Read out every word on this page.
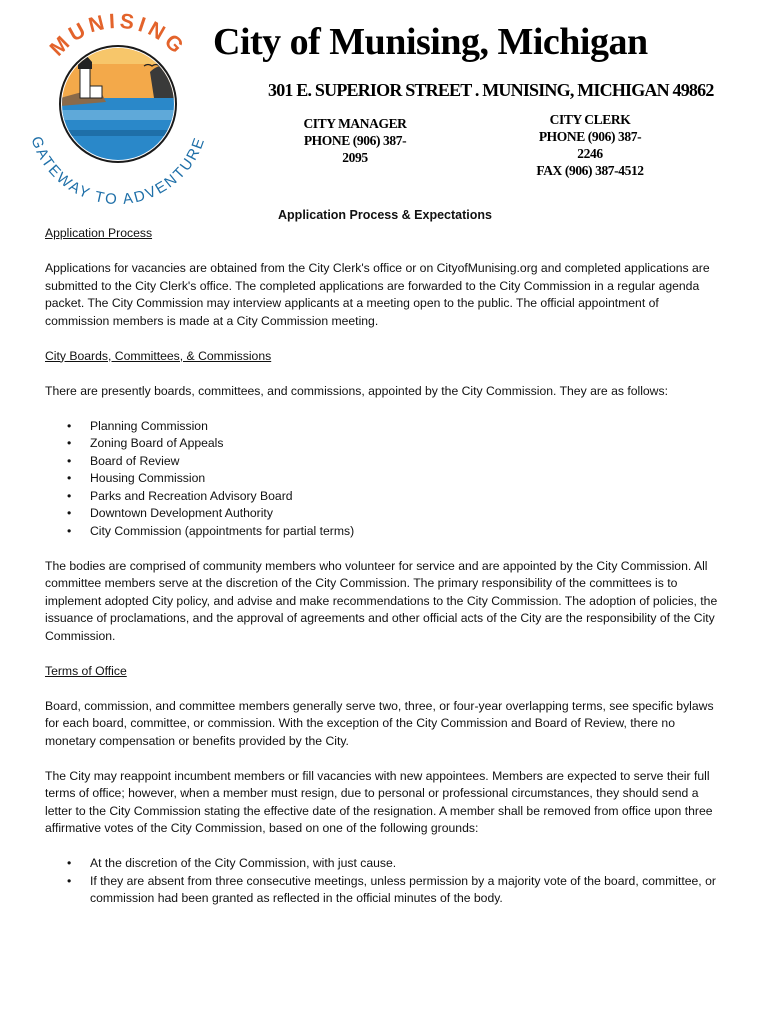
MUNISING
GATEWAY TO ADVENTURE
City of Munising, Michigan
301 E. SUPERIOR STREET . MUNISING, MICHIGAN 49862
CITY MANAGER
PHONE (906) 387-
2095
CITY CLERK
PHONE (906) 387-
2246
FAX (906) 387-4512
Application Process & Expectations

Application Process

Applications for vacancies are obtained from the City Clerk's office or on CityofMunising.org and completed applications are submitted to the City Clerk's office. The completed applications are forwarded to the City Commission in a regular agenda packet. The City Commission may interview applicants at a meeting open to the public. The official appointment of commission members is made at a City Commission meeting.

City Boards, Committees, & Commissions

There are presently boards, committees, and commissions, appointed by the City Commission. They are as follows:

• Planning Commission
• Zoning Board of Appeals
• Board of Review
• Housing Commission
• Parks and Recreation Advisory Board
• Downtown Development Authority
• City Commission (appointments for partial terms)

The bodies are comprised of community members who volunteer for service and are appointed by the City Commission. All committee members serve at the discretion of the City Commission. The primary responsibility of the committees is to implement adopted City policy, and advise and make recommendations to the City Commission. The adoption of policies, the issuance of proclamations, and the approval of agreements and other official acts of the City are the responsibility of the City Commission.

Terms of Office

Board, commission, and committee members generally serve two, three, or four-year overlapping terms, see specific bylaws for each board, committee, or commission. With the exception of the City Commission and Board of Review, there no monetary compensation or benefits provided by the City.

The City may reappoint incumbent members or fill vacancies with new appointees. Members are expected to serve their full terms of office; however, when a member must resign, due to personal or professional circumstances, they should send a letter to the City Commission stating the effective date of the resignation. A member shall be removed from office upon three affirmative votes of the City Commission, based on one of the following grounds:

• At the discretion of the City Commission, with just cause.
• If they are absent from three consecutive meetings, unless permission by a majority vote of the board, committee, or commission had been granted as reflected in the official minutes of the body.
